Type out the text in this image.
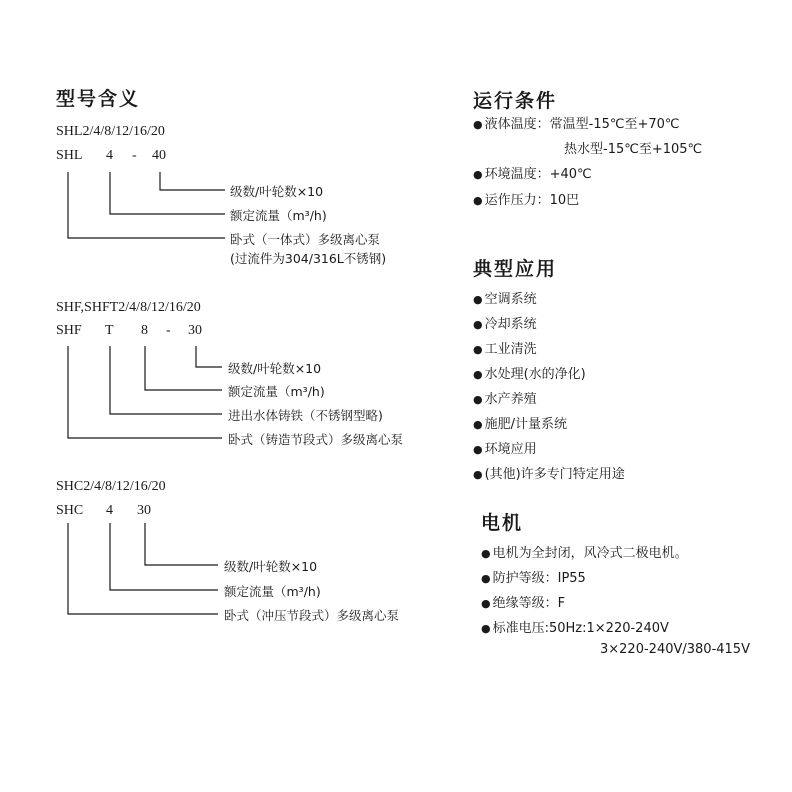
型号含义
SHL2/4/8/12/16/20
SHL 4 - 40
级数/叶轮数×10
额定流量（m³/h)
卧式（一体式）多级离心泵
(过流件为304/316L不锈钢)
SHF,SHFT2/4/8/12/16/20
SHF T 8 - 30
级数/叶轮数×10
额定流量（m³/h)
进出水体铸铁（不锈钢型略)
卧式（铸造节段式）多级离心泵
SHC2/4/8/12/16/20
SHC 4 30
级数/叶轮数×10
额定流量（m³/h)
卧式（冲压节段式）多级离心泵
运行条件
● 液体温度：常温型-15℃至+70℃
热水型-15℃至+105℃
● 环境温度：+40℃
● 运作压力：10巴
典型应用
● 空调系统
● 冷却系统
● 工业清洗
● 水处理(水的净化)
● 水产养殖
● 施肥/计量系统
● 环境应用
● (其他)许多专门特定用途
电机
● 电机为全封闭，风冷式二极电机。
● 防护等级：IP55
● 绝缘等级：F
● 标准电压:50Hz:1×220-240V
3×220-240V/380-415V
